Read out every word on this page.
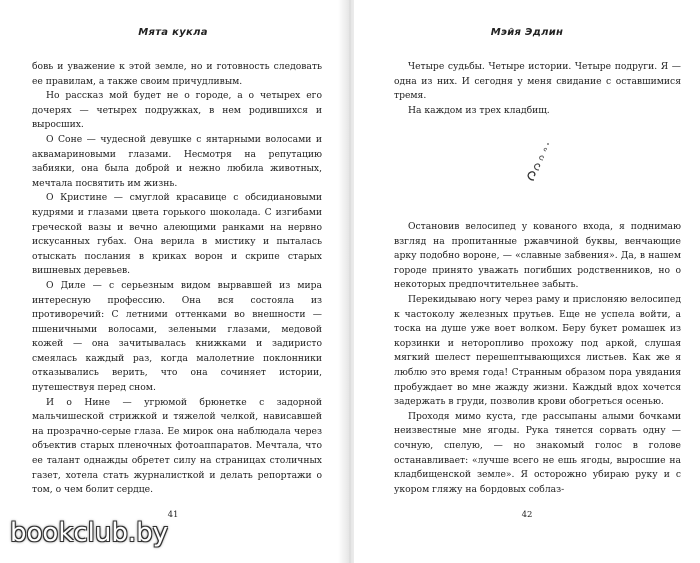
Мята кукла

бовь и уважение к этой земле, но и готовность следовать ее правилам, а также своим причудливым.

Но рассказ мой будет не о городе, а о четырех его дочерях — четырех подружках, в нем родившихся и выросших.

О Соне — чудесной девушке с янтарными волосами и аквамариновыми глазами. Несмотря на репутацию забияки, она была доброй и нежно любила животных, мечтала посвятить им жизнь.

О Кристине — смуглой красавице с обсидиановыми кудрями и глазами цвета горького шоколада. С изгибами греческой вазы и вечно алеющими ранками на нервно искусанных губах. Она верила в мистику и пыталась отыскать послания в криках ворон и скрипе старых вишневых деревьев.

О Диле — с серьезным видом вырвавшей из мира интересную профессию. Она вся состояла из противоречий: С летними оттенками во внешности — пшеничными волосами, зелеными глазами, медовой кожей — она зачитывалась книжками и задиристо смеялась каждый раз, когда малолетние поклонники отказывались верить, что она сочиняет истории, путешествуя перед сном.

И о Нине — угрюмой брюнетке с задорной мальчишеской стрижкой и тяжелой челкой, нависавшей на прозрачно-серые глаза. Ее мирок она наблюдала через объектив старых пленочных фотоаппаратов. Мечтала, что ее талант однажды обретет силу на страницах столичных газет, хотела стать журналисткой и делать репортажи о том, о чем болит сердце.

41
Мэйя Эдлин

Четыре судьбы. Четыре истории. Четыре подруги. Я — одна из них. И сегодня у меня свидание с оставшимися тремя.

На каждом из трех кладбищ.

Остановив велосипед у кованого входа, я поднимаю взгляд на пропитанные ржавчиной буквы, венчающие арку подобно вороне, — «славные забвения». Да, в нашем городе принято уважать погибших родственников, но о некоторых предпочтительнее забыть.

Перекидываю ногу через раму и прислоняю велосипед к частоколу железных прутьев. Еще не успела войти, а тоска на душе уже воет волком. Беру букет ромашек из корзинки и неторопливо прохожу под аркой, слушая мягкий шелест перешептывающихся листьев. Как же я люблю это время года! Странным образом пора увядания пробуждает во мне жажду жизни. Каждый вдох хочется задержать в груди, позволив крови обогреться осенью.

Проходя мимо куста, где рассыпаны алыми бочками неизвестные мне ягоды. Рука тянется сорвать одну — сочную, спелую, — но знакомый голос в голове останавливает: «лучше всего не ешь ягоды, выросшие на кладбищенской земле». Я осторожно убираю руку и с укором гляжу на бордовых соблаз-

42
bookclub.by
